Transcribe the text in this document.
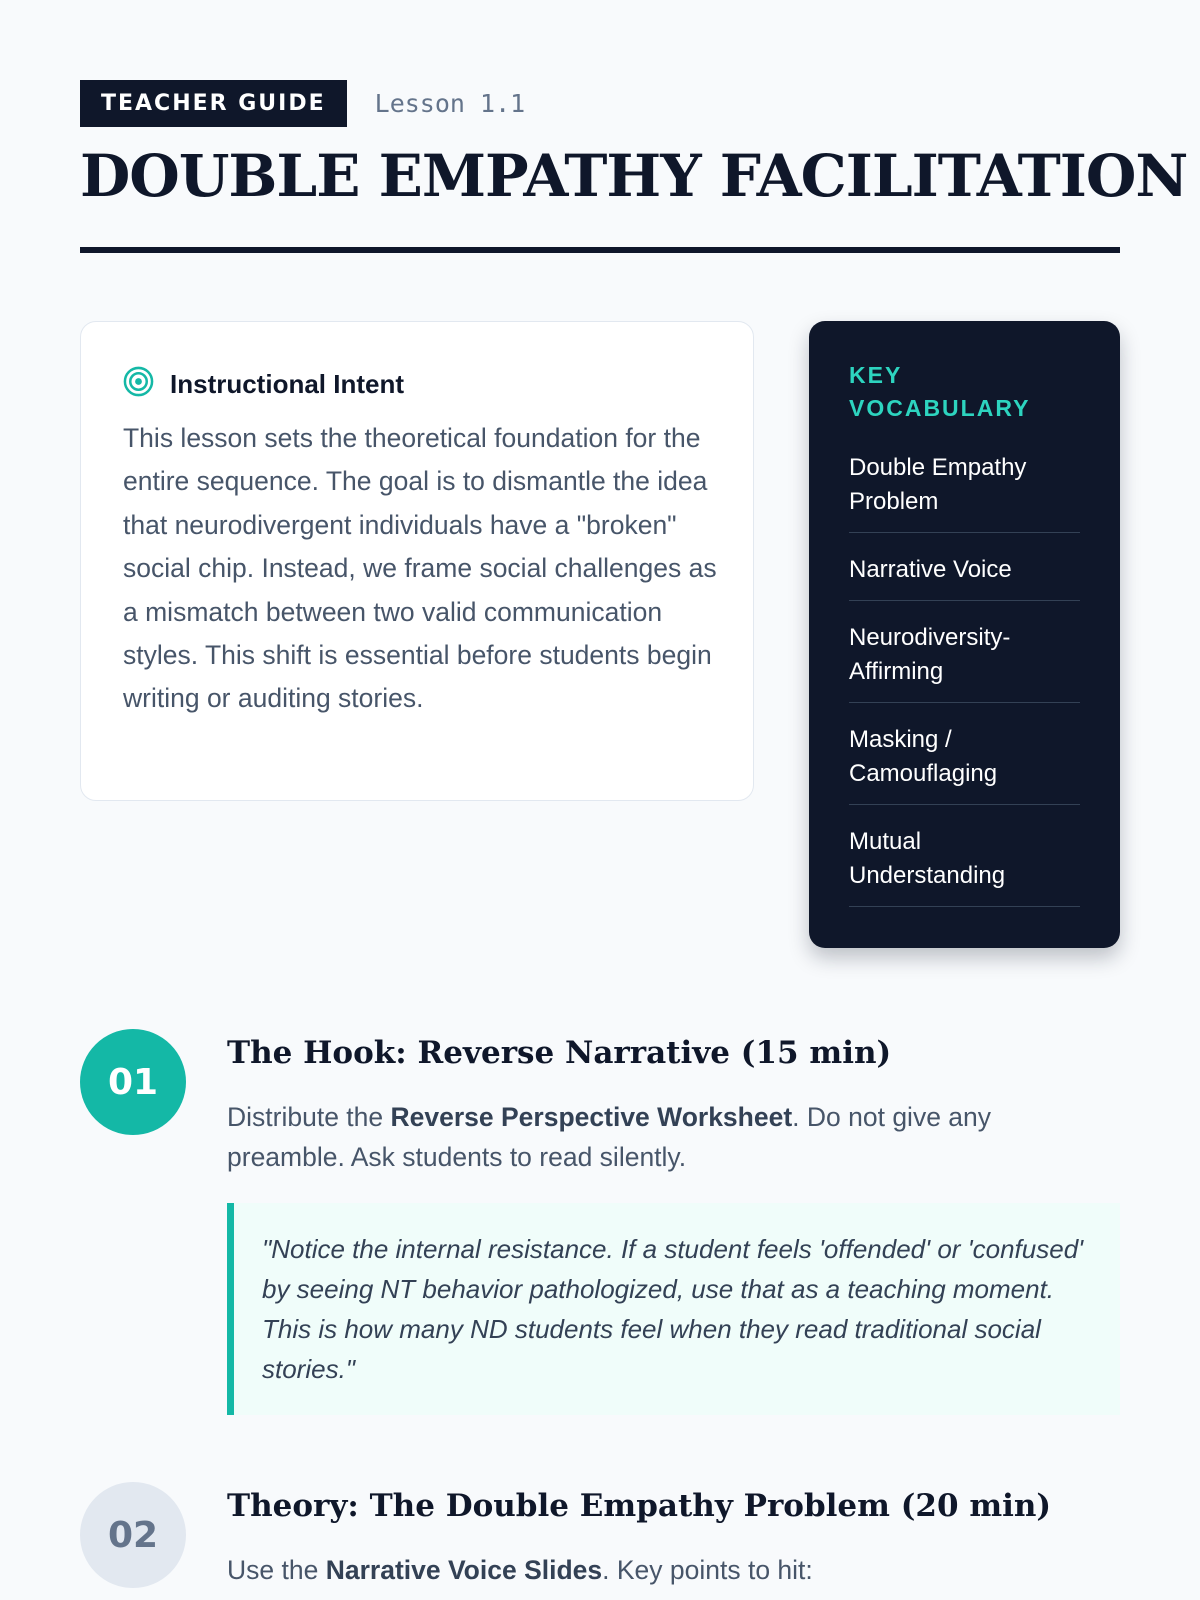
TEACHER GUIDE	Lesson 1.1
DOUBLE EMPATHY FACILITATION
Instructional Intent

This lesson sets the theoretical foundation for the entire sequence. The goal is to dismantle the idea that neurodivergent individuals have a "broken" social chip. Instead, we frame social challenges as a mismatch between two valid communication styles. This shift is essential before students begin writing or auditing stories.

KEY VOCABULARY
Double Empathy Problem
Narrative Voice
Neurodiversity-Affirming
Masking / Camouflaging
Mutual Understanding
01
The Hook: Reverse Narrative (15 min)

Distribute the Reverse Perspective Worksheet. Do not give any preamble. Ask students to read silently.

"Notice the internal resistance. If a student feels 'offended' or 'confused' by seeing NT behavior pathologized, use that as a teaching moment. This is how many ND students feel when they read traditional social stories."

02
Theory: The Double Empathy Problem (20 min)

Use the Narrative Voice Slides. Key points to hit:
